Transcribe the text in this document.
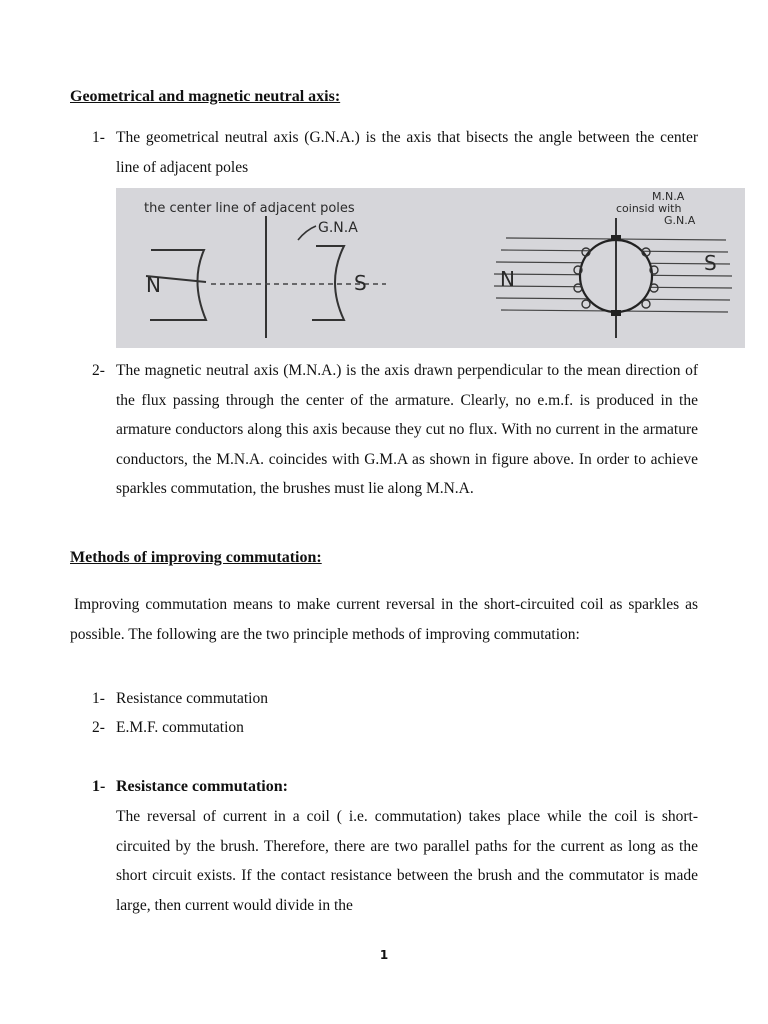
Geometrical and magnetic neutral axis:
1- The geometrical neutral axis (G.N.A.) is the axis that bisects the angle between the center line of adjacent poles
the center line of adjacent poles
N	S
G.N.A
N
S
M.N.A
coinsid with
G.N.A
2- The magnetic neutral axis (M.N.A.) is the axis drawn perpendicular to the mean direction of the flux passing through the center of the armature. Clearly, no e.m.f. is produced in the armature conductors along this axis because they cut no flux. With no current in the armature conductors, the M.N.A. coincides with G.M.A as shown in figure above. In order to achieve sparkles commutation, the brushes must lie along M.N.A.
Methods of improving commutation:
Improving commutation means to make current reversal in the short-circuited coil as sparkles as possible. The following are the two principle methods of improving commutation:
1- Resistance commutation
2- E.M.F. commutation
1- Resistance commutation:
The reversal of current in a coil ( i.e. commutation) takes place while the coil is short-circuited by the brush. Therefore, there are two parallel paths for the current as long as the short circuit exists. If the contact resistance between the brush and the commutator is made large, then current would divide in the
1
